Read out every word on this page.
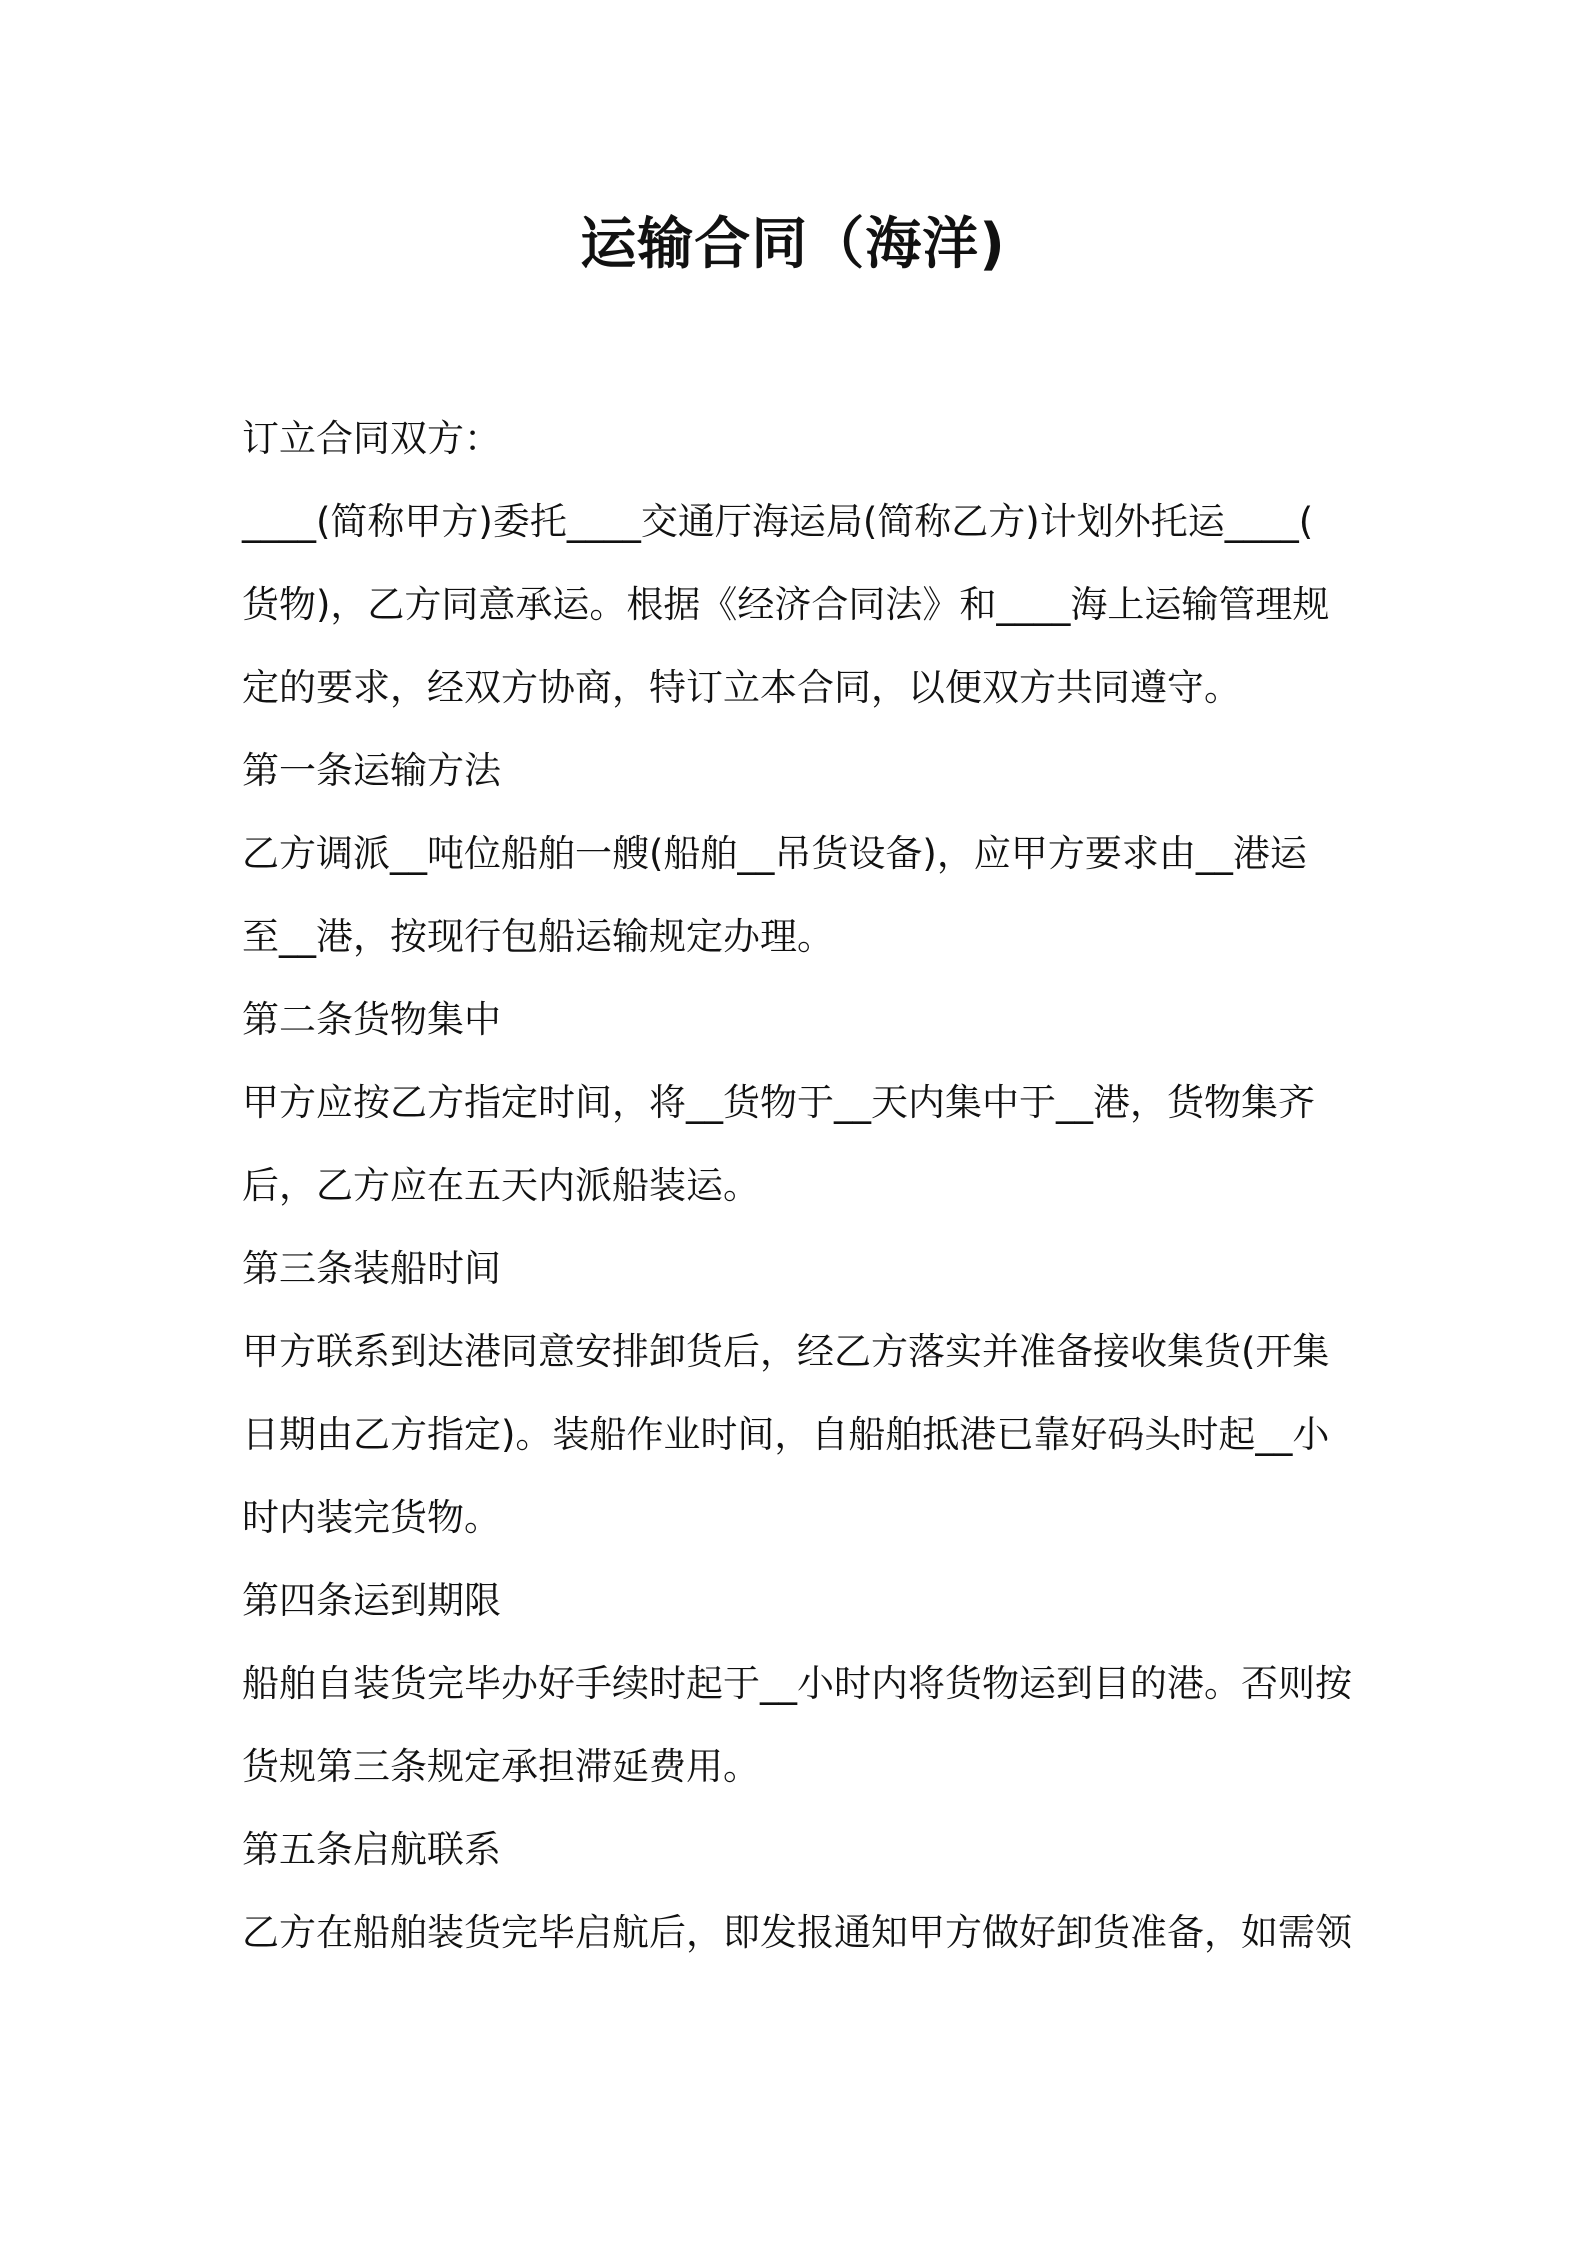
运输合同（海洋)
订立合同双方：
____(简称甲方)委托____交通厅海运局(简称乙方)计划外托运____(
货物)，乙方同意承运。根据《经济合同法》和____海上运输管理规
定的要求，经双方协商，特订立本合同，以便双方共同遵守。
第一条运输方法
乙方调派__吨位船舶一艘(船舶__吊货设备)，应甲方要求由__港运
至__港，按现行包船运输规定办理。
第二条货物集中
甲方应按乙方指定时间，将__货物于__天内集中于__港，货物集齐
后，乙方应在五天内派船装运。
第三条装船时间
甲方联系到达港同意安排卸货后，经乙方落实并准备接收集货(开集
日期由乙方指定)。装船作业时间，自船舶抵港已靠好码头时起__小
时内装完货物。
第四条运到期限
船舶自装货完毕办好手续时起于__小时内将货物运到目的港。否则按
货规第三条规定承担滞延费用。
第五条启航联系
乙方在船舶装货完毕启航后，即发报通知甲方做好卸货准备，如需领
